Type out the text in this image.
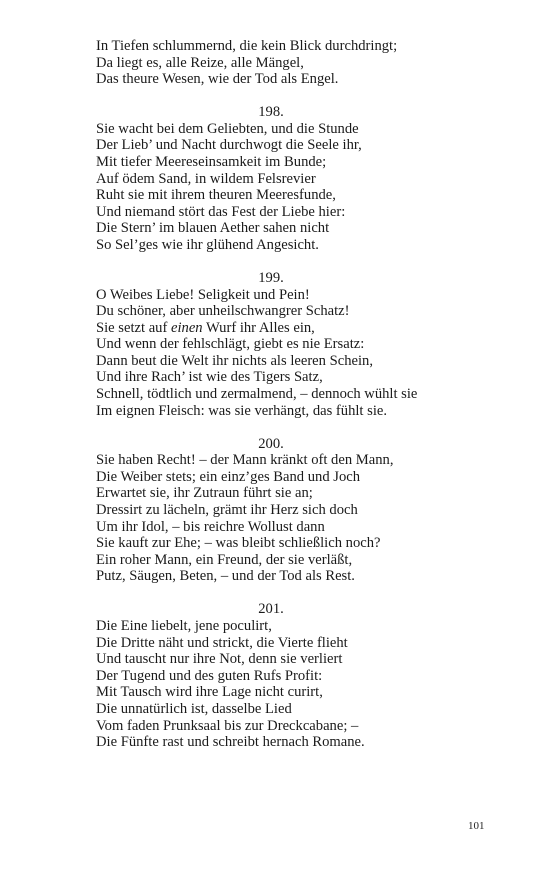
In Tiefen schlummernd, die kein Blick durchdringt;

Da liegt es, alle Reize, alle Mängel,

Das theure Wesen, wie der Tod als Engel.

198.

Sie wacht bei dem Geliebten, und die Stunde

Der Lieb’ und Nacht durchwogt die Seele ihr,

Mit tiefer Meereseinsamkeit im Bunde;

Auf ödem Sand, in wildem Felsrevier

Ruht sie mit ihrem theuren Meeresfunde,

Und niemand stört das Fest der Liebe hier:

Die Stern’ im blauen Aether sahen nicht

So Sel’ges wie ihr glühend Angesicht.

199.

O Weibes Liebe! Seligkeit und Pein!

Du schöner, aber unheilschwangrer Schatz!

Sie setzt auf einen Wurf ihr Alles ein,

Und wenn der fehlschlägt, giebt es nie Ersatz:

Dann beut die Welt ihr nichts als leeren Schein,

Und ihre Rach’ ist wie des Tigers Satz,

Schnell, tödtlich und zermalmend, – dennoch wühlt sie

Im eignen Fleisch: was sie verhängt, das fühlt sie.

200.

Sie haben Recht! – der Mann kränkt oft den Mann,

Die Weiber stets; ein einz’ges Band und Joch

Erwartet sie, ihr Zutraun führt sie an;

Dressirt zu lächeln, grämt ihr Herz sich doch

Um ihr Idol, – bis reichre Wollust dann

Sie kauft zur Ehe; – was bleibt schließlich noch?

Ein roher Mann, ein Freund, der sie verläßt,

Putz, Säugen, Beten, – und der Tod als Rest.

201.

Die Eine liebelt, jene poculirt,

Die Dritte näht und strickt, die Vierte flieht

Und tauscht nur ihre Not, denn sie verliert

Der Tugend und des guten Rufs Profit:

Mit Tausch wird ihre Lage nicht curirt,

Die unnatürlich ist, dasselbe Lied

Vom faden Prunksaal bis zur Dreckcabane; –

Die Fünfte rast und schreibt hernach Romane.

101
